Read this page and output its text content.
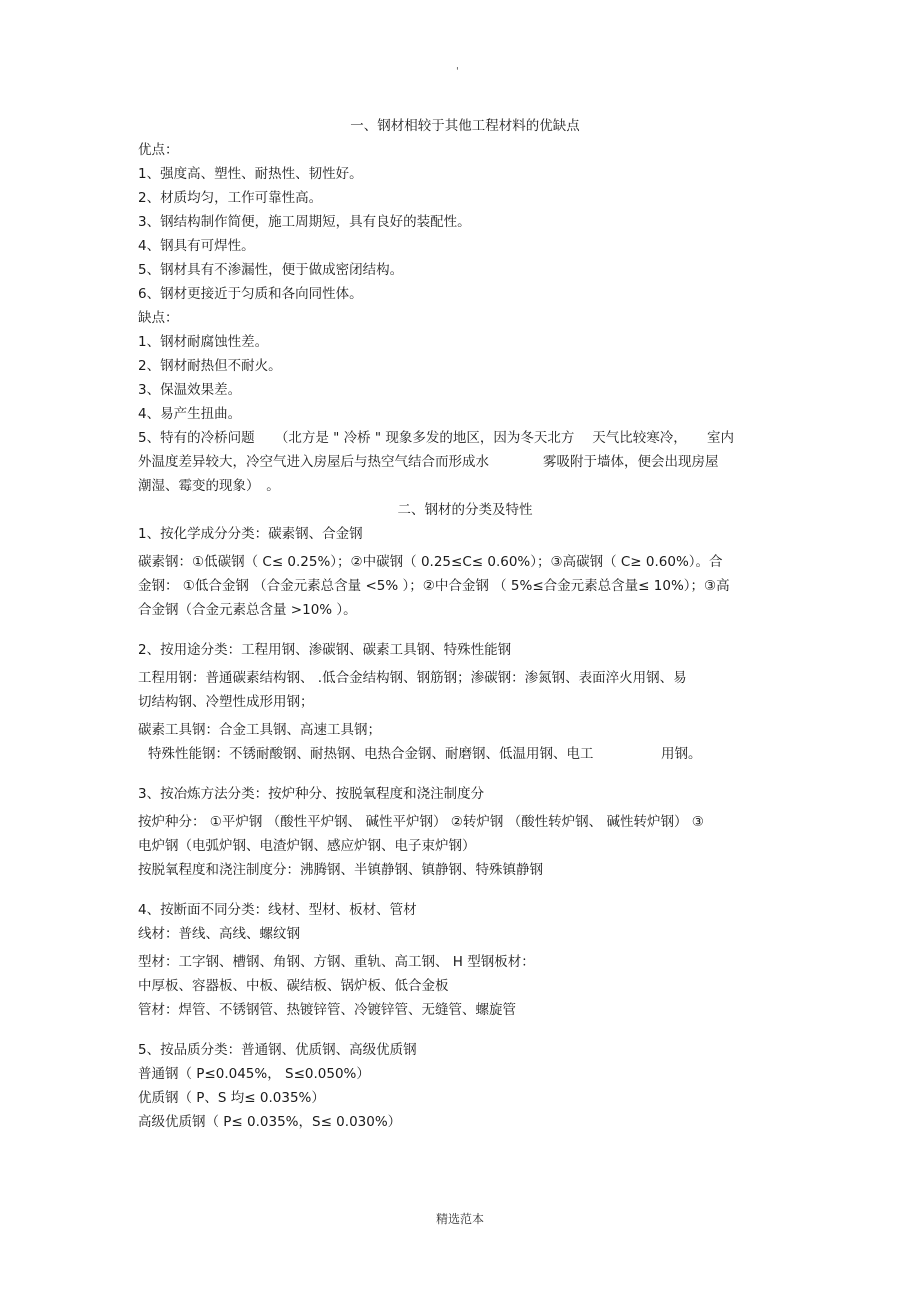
'

一、钢材相较于其他工程材料的优缺点

优点：

1、强度高、塑性、耐热性、韧性好。

2、材质均匀，工作可靠性高。

3、钢结构制作简便，施工周期短，具有良好的装配性。

4、钢具有可焊性。

5、钢材具有不渗漏性，便于做成密闭结构。

6、钢材更接近于匀质和各向同性体。

缺点：

1、钢材耐腐蚀性差。

2、钢材耐热但不耐火。

3、保温效果差。

4、易产生扭曲。

5、特有的冷桥问题　　（北方是 " 冷桥 " 现象多发的地区，因为冬天北方　 天气比较寒冷，　　室内

外温度差异较大，冷空气进入房屋后与热空气结合而形成水　　　　雾吸附于墙体，便会出现房屋

潮湿、霉变的现象）　。

二、钢材的分类及特性

1、按化学成分分类：碳素钢、合金钢

碳素钢：①低碳钢（ C≤ 0.25%）；②中碳钢（ 0.25≤C≤ 0.60%）；③高碳钢（ C≥ 0.60%）。合

金钢： ①低合金钢 （合金元素总含量 <5% ）；②中合金钢 （ 5%≤合金元素总含量≤ 10%）；③高

合金钢（合金元素总含量 >10% ）。

2、按用途分类：工程用钢、渗碳钢、碳素工具钢、特殊性能钢

工程用钢：普通碳素结构钢、 .低合金结构钢、钢筋钢；渗碳钢：渗氮钢、表面淬火用钢、易

切结构钢、冷塑性成形用钢；

碳素工具钢：合金工具钢、高速工具钢；

特殊性能钢：不锈耐酸钢、耐热钢、电热合金钢、耐磨钢、低温用钢、电工　　　　　用钢。

3、按冶炼方法分类：按炉种分、按脱氧程度和浇注制度分

按炉种分： ①平炉钢 （酸性平炉钢、 碱性平炉钢） ②转炉钢 （酸性转炉钢、 碱性转炉钢） ③

电炉钢（电弧炉钢、电渣炉钢、感应炉钢、电子束炉钢）

按脱氧程度和浇注制度分：沸腾钢、半镇静钢、镇静钢、特殊镇静钢

4、按断面不同分类：线材、型材、板材、管材

线材：普线、高线、螺纹钢

型材：工字钢、槽钢、角钢、方钢、重轨、高工钢、 H 型钢板材：

中厚板、容器板、中板、碳结板、锅炉板、低合金板

管材：焊管、不锈钢管、热镀锌管、冷镀锌管、无缝管、螺旋管

5、按品质分类：普通钢、优质钢、高级优质钢

普通钢（ P≤0.045%， S≤0.050%）

优质钢（ P、S 均≤ 0.035%）

高级优质钢（ P≤ 0.035%，S≤ 0.030%）

精选范本
